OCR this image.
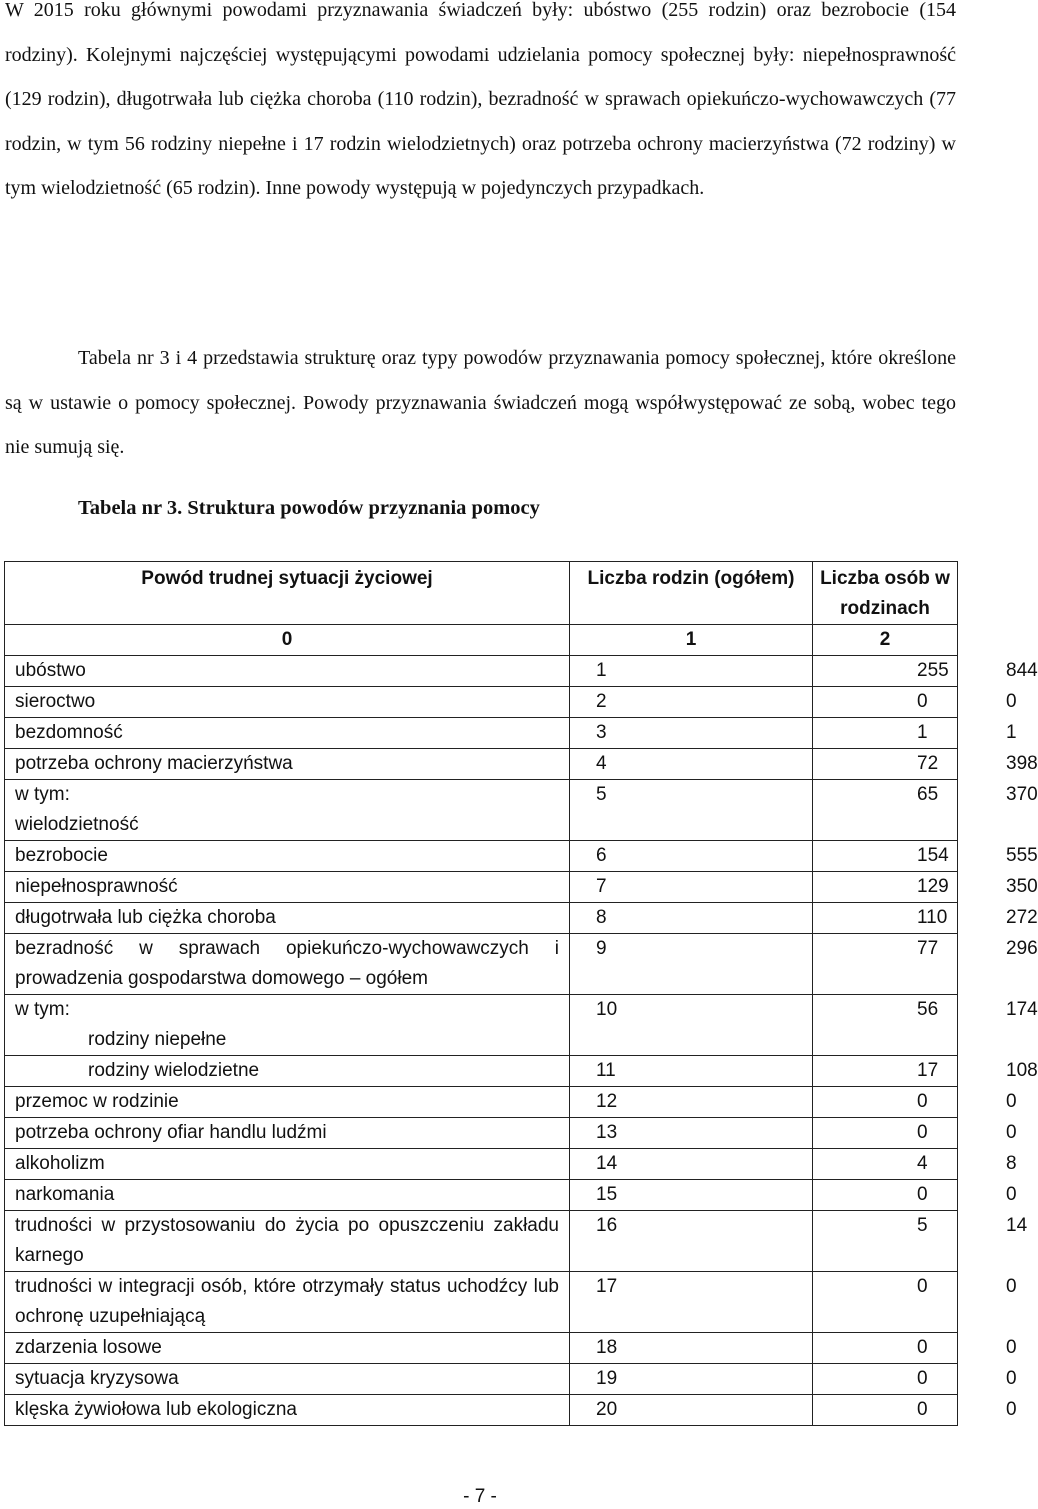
W 2015 roku głównymi powodami przyznawania świadczeń były: ubóstwo (255 rodzin) oraz bezrobocie (154 rodziny). Kolejnymi najczęściej występującymi powodami udzielania pomocy społecznej były: niepełnosprawność (129 rodzin), długotrwała lub ciężka choroba (110 rodzin), bezradność w sprawach opiekuńczo-wychowawczych (77 rodzin, w tym 56 rodziny niepełne i 17 rodzin wielodzietnych) oraz potrzeba ochrony macierzyństwa (72 rodziny) w tym wielodzietność (65 rodzin). Inne powody występują w pojedynczych przypadkach.

Tabela nr 3 i 4 przedstawia strukturę oraz typy powodów przyznawania pomocy społecznej, które określone są w ustawie o pomocy społecznej. Powody przyznawania świadczeń mogą współwystępować ze sobą, wobec tego nie sumują się.

Tabela nr 3. Struktura powodów przyznania pomocy

Powód trudnej sytuacji życiowej	Liczba rodzin (ogółem)	Liczba osób w rodzinach	
0	1	2	
ubóstwo	1	255	844
sieroctwo	2	0	0
bezdomność	3	1	1
potrzeba ochrony macierzyństwa	4	72	398

w tym:
wielodzietność	5	65	370
bezrobocie	6	154	555
niepełnosprawność	7	129	350
długotrwała lub ciężka choroba	8	110	272
bezradność w sprawach opiekuńczo-wychowawczych i prowadzenia gospodarstwa domowego – ogółem	9	77	296

w tym:
rodziny niepełne	10	56	174
rodziny wielodzietne	11	17	108
przemoc w rodzinie	12	0	0
potrzeba ochrony ofiar handlu ludźmi	13	0	0
alkoholizm	14	4	8
narkomania	15	0	0
trudności w przystosowaniu do życia po opuszczeniu zakładu karnego	16	5	14
trudności w integracji osób, które otrzymały status uchodźcy lub ochronę uzupełniającą	17	0	0
zdarzenia losowe	18	0	0
sytuacja kryzysowa	19	0	0
klęska żywiołowa lub ekologiczna	20	0	0
- 7 -
